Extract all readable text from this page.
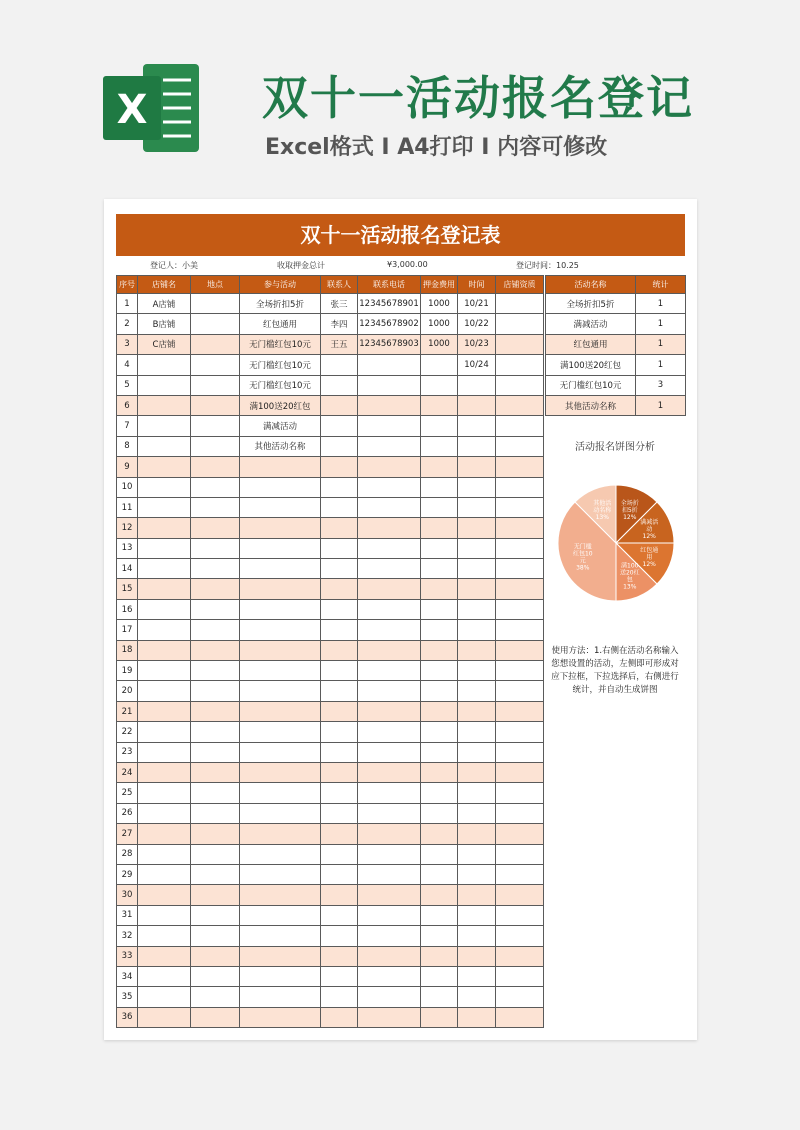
X 双十一活动报名登记
Excel格式 I A4打印 I 内容可修改
双十一活动报名登记表
登记人：小美	收取押金总计	¥3,000.00	登记时间：10.25
序号	店铺名	地点	参与活动	联系人	联系电话	押金费用	时间	店铺资质
1	A店铺		全场折扣5折	张三	12345678901	1000	10/21	
2	B店铺		红包通用	李四	12345678902	1000	10/22	
3	C店铺		无门槛红包10元	王五	12345678903	1000	10/23	
4			无门槛红包10元				10/24	
5			无门槛红包10元					
6			满100送20红包					
7			满减活动					
8			其他活动名称					
9								
10								
11								
12								
13								
14								
15								
16								
17								
18								
19								
20								
21								
22								
23								
24								
25								
26								
27								
28								
29								
30								
31								
32								
33								
34								
35								
36								
活动名称	统计
全场折扣5折	1
满减活动	1
红包通用	1
满100送20红包	1
无门槛红包10元	3
其他活动名称	1
活动报名饼图分析
全场折
扣5折
12%
满减活
动
12%
红包通
用
12%
满100
送20红
包
13%
无门槛
红包10
元
38%
其他活
动名称
13%
使用方法：1.右侧在活动名称输入您想设置的活动，左侧即可形成对应下拉框，下拉选择后，右侧进行统计，并自动生成饼图
